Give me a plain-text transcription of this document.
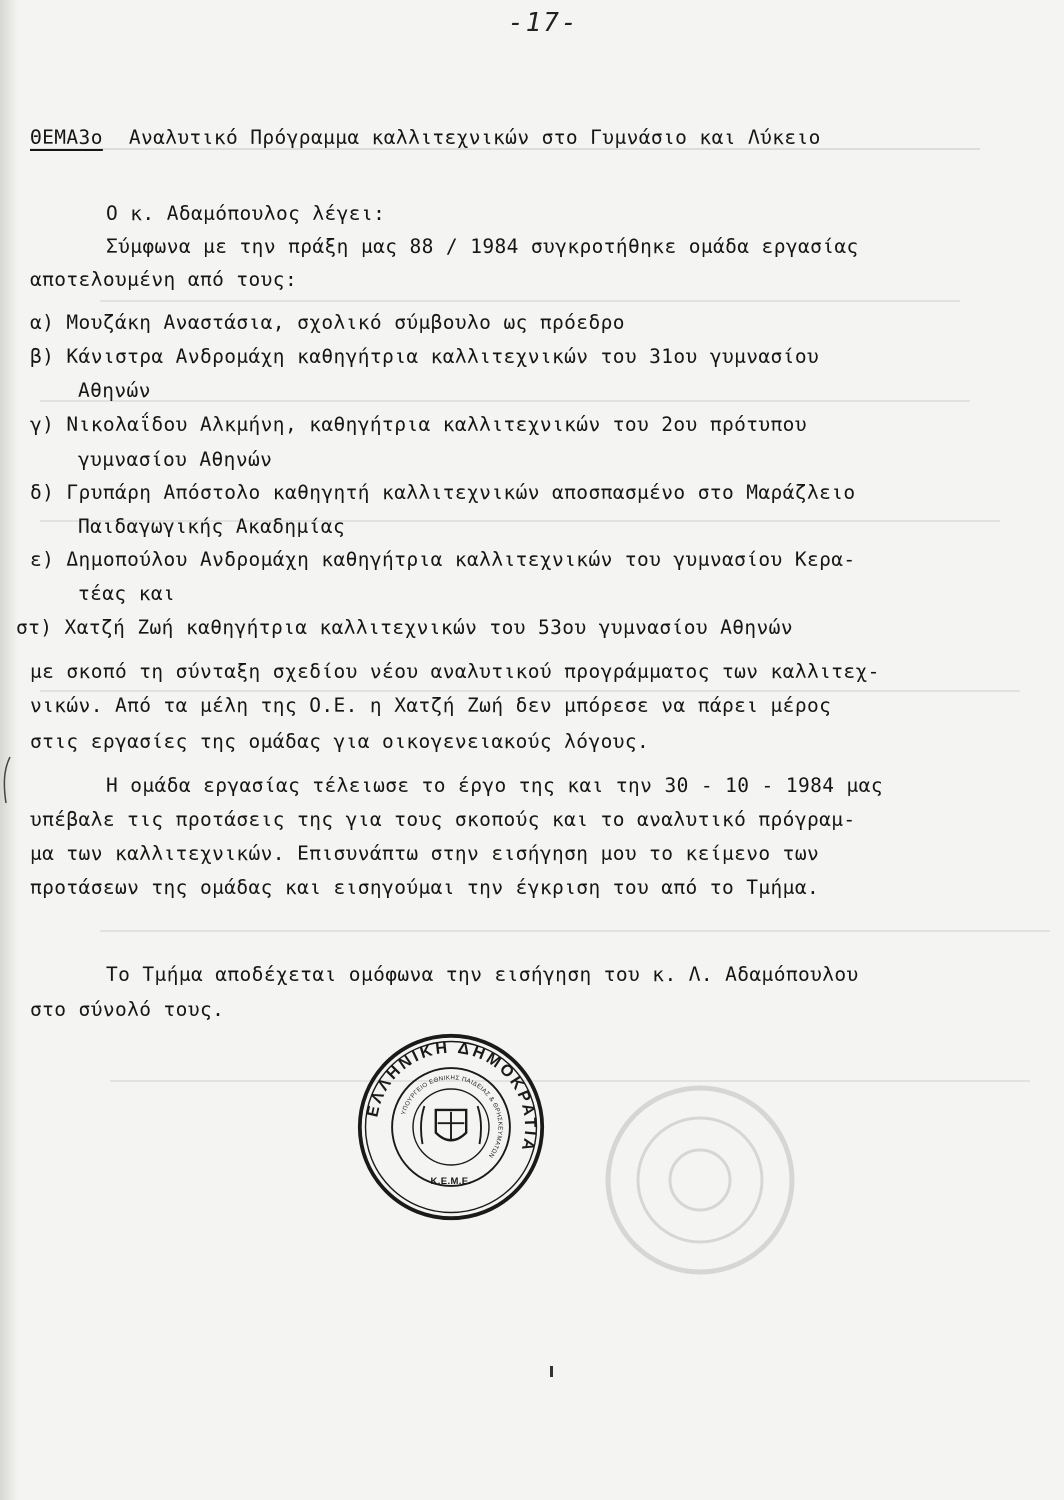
-17-
ΘΕΜΑ3ο Αναλυτικό Πρόγραμμα καλλιτεχνικών στο Γυμνάσιο και Λύκειο
Ο κ. Αδαμόπουλος λέγει:
Σύμφωνα με την πράξη μας 88 / 1984 συγκροτήθηκε ομάδα εργασίας
αποτελουμένη από τους:
α) Μουζάκη Αναστάσια, σχολικό σύμβουλο ως πρόεδρο
β) Κάνιστρα Ανδρομάχη καθηγήτρια καλλιτεχνικών του 31ου γυμνασίου
Αθηνών
γ) Νικολαΐδου Αλκμήνη, καθηγήτρια καλλιτεχνικών του 2ου πρότυπου
γυμνασίου Αθηνών
δ) Γρυπάρη Απόστολο καθηγητή καλλιτεχνικών αποσπασμένο στο Μαράζλειο
Παιδαγωγικής Ακαδημίας
ε) Δημοπούλου Ανδρομάχη καθηγήτρια καλλιτεχνικών του γυμνασίου Κερα-
τέας και
στ) Χατζή Ζωή καθηγήτρια καλλιτεχνικών του 53ου γυμνασίου Αθηνών
με σκοπό τη σύνταξη σχεδίου νέου αναλυτικού προγράμματος των καλλιτεχ-
νικών. Από τα μέλη της Ο.Ε. η Χατζή Ζωή δεν μπόρεσε να πάρει μέρος
στις εργασίες της ομάδας για οικογενειακούς λόγους.
Η ομάδα εργασίας τέλειωσε το έργο της και την 30 - 10 - 1984 μας
υπέβαλε τις προτάσεις της για τους σκοπούς και το αναλυτικό πρόγραμ-
μα των καλλιτεχνικών. Επισυνάπτω στην εισήγηση μου το κείμενο των
προτάσεων της ομάδας και εισηγούμαι την έγκριση του από το Τμήμα.
Το Τμήμα αποδέχεται ομόφωνα την εισήγηση του κ. Λ. Αδαμόπουλου
στο σύνολό τους.
ΕΛΛΗΝΙΚΗ ΔΗΜΟΚΡΑΤΙΑ
ΥΠΟΥΡΓΕΙΟ ΕΘΝΙΚΗΣ ΠΑΙΔΕΙΑΣ & ΘΡΗΣΚΕΥΜΑΤΩΝ
Κ.Ε.Μ.Ε.
